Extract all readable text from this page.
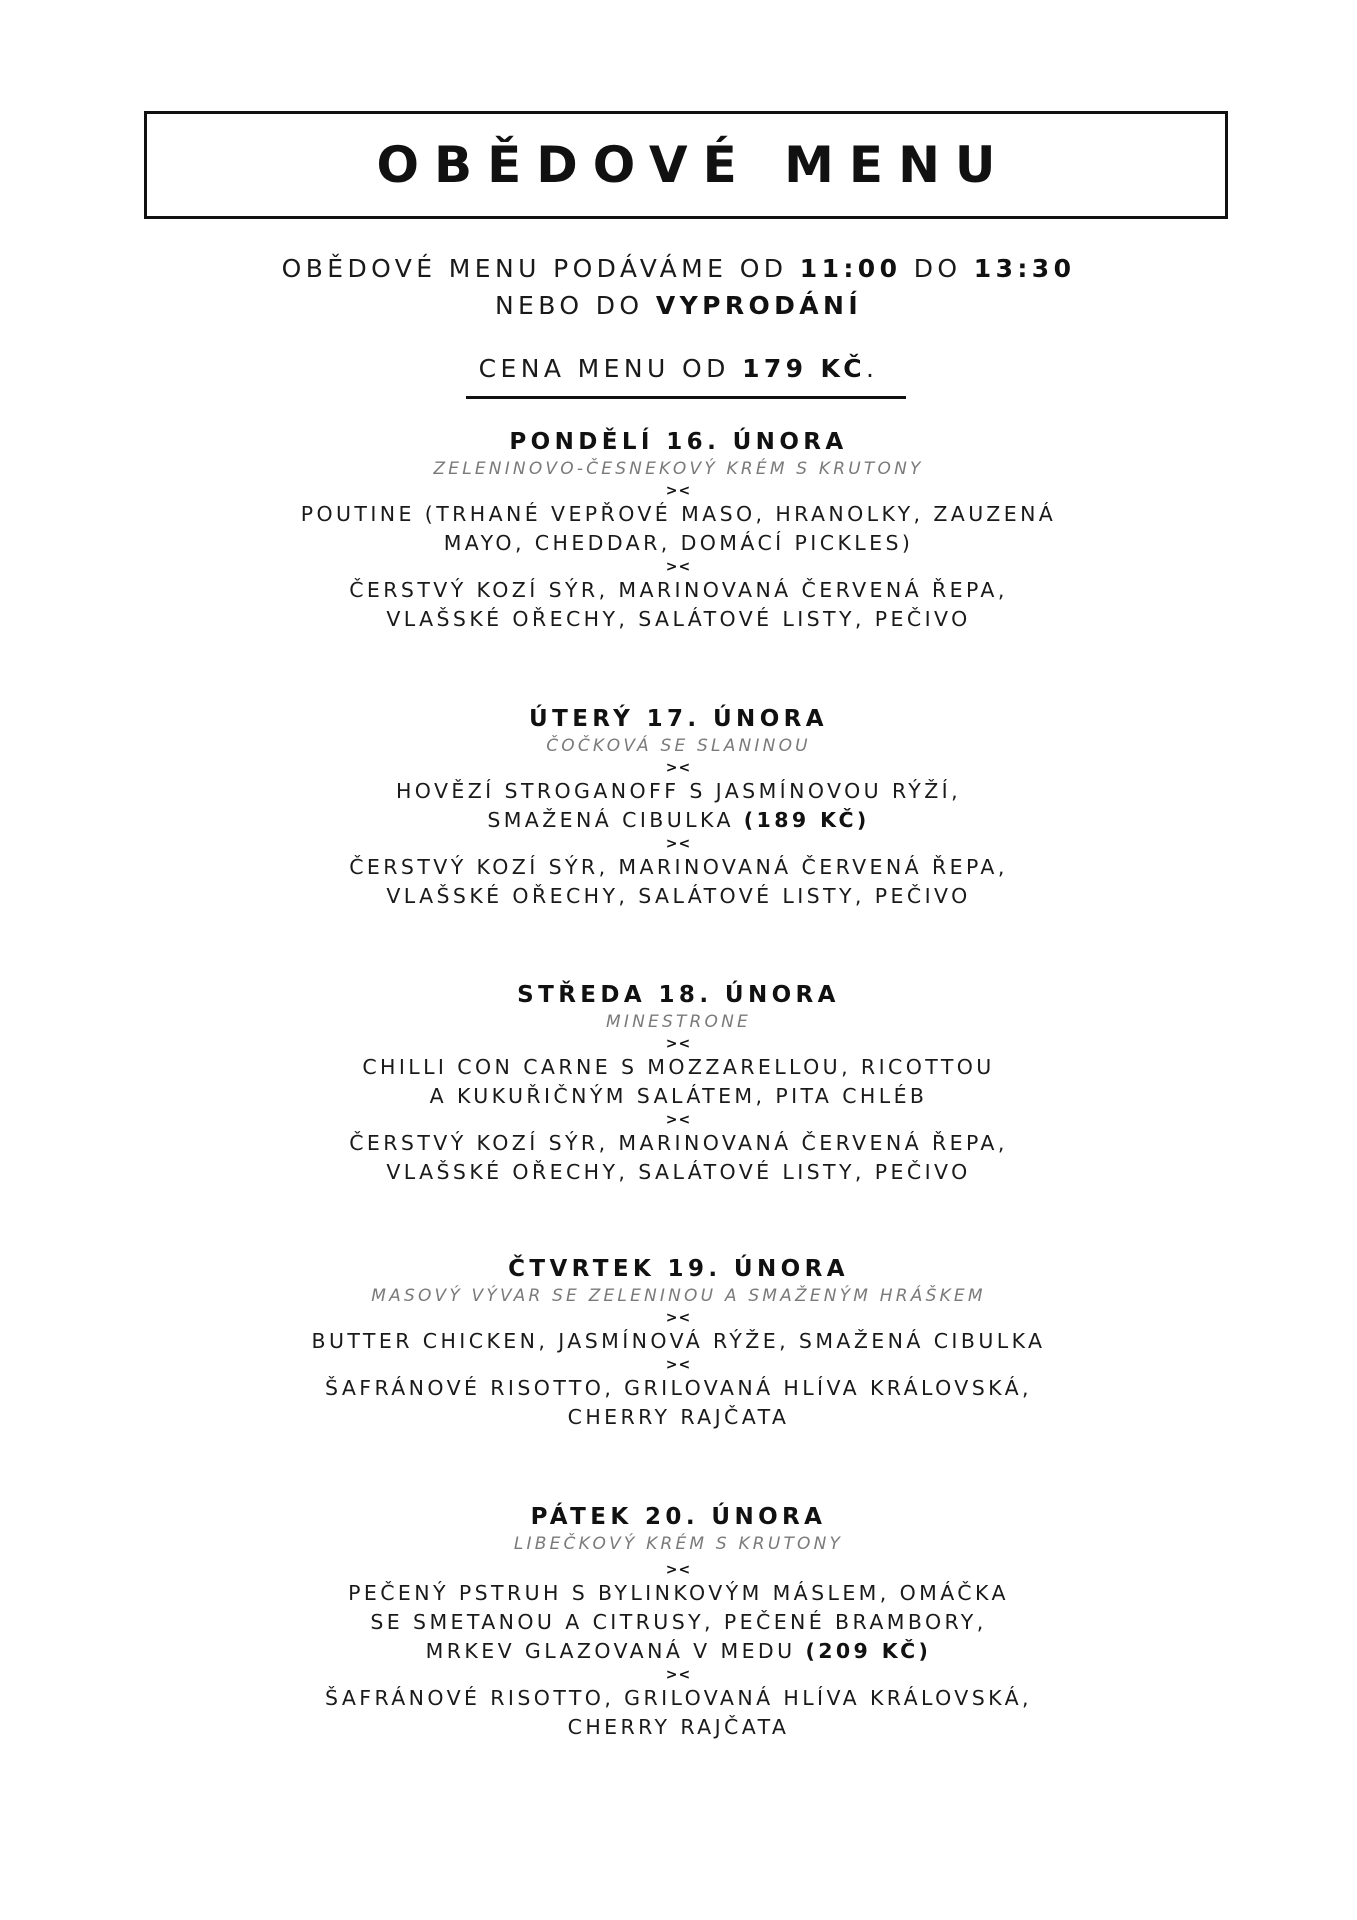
OBĚDOVÉ MENU
OBĚDOVÉ MENU PODÁVÁME OD 11:00 DO 13:30
NEBO DO VYPRODÁNÍ
CENA MENU OD 179 KČ.
PONDĚLÍ 16. ÚNORA
ZELENINOVO-ČESNEKOVÝ KRÉM S KRUTONY
><
POUTINE (TRHANÉ VEPŘOVÉ MASO, HRANOLKY, ZAUZENÁ
MAYO, CHEDDAR, DOMÁCÍ PICKLES)
><
ČERSTVÝ KOZÍ SÝR, MARINOVANÁ ČERVENÁ ŘEPA,
VLAŠSKÉ OŘECHY, SALÁTOVÉ LISTY, PEČIVO
ÚTERÝ 17. ÚNORA
ČOČKOVÁ SE SLANINOU
><
HOVĚZÍ STROGANOFF S JASMÍNOVOU RÝŽÍ,
SMAŽENÁ CIBULKA (189 KČ)
><
ČERSTVÝ KOZÍ SÝR, MARINOVANÁ ČERVENÁ ŘEPA,
VLAŠSKÉ OŘECHY, SALÁTOVÉ LISTY, PEČIVO
STŘEDA 18. ÚNORA
MINESTRONE
><
CHILLI CON CARNE S MOZZARELLOU, RICOTTOU
A KUKUŘIČNÝM SALÁTEM, PITA CHLÉB
><
ČERSTVÝ KOZÍ SÝR, MARINOVANÁ ČERVENÁ ŘEPA,
VLAŠSKÉ OŘECHY, SALÁTOVÉ LISTY, PEČIVO
ČTVRTEK 19. ÚNORA
MASOVÝ VÝVAR SE ZELENINOU A SMAŽENÝM HRÁŠKEM
><
BUTTER CHICKEN, JASMÍNOVÁ RÝŽE, SMAŽENÁ CIBULKA
><
ŠAFRÁNOVÉ RISOTTO, GRILOVANÁ HLÍVA KRÁLOVSKÁ,
CHERRY RAJČATA
PÁTEK 20. ÚNORA
LIBEČKOVÝ KRÉM S KRUTONY
><
PEČENÝ PSTRUH S BYLINKOVÝM MÁSLEM, OMÁČKA
SE SMETANOU A CITRUSY, PEČENÉ BRAMBORY,
MRKEV GLAZOVANÁ V MEDU (209 KČ)
><
ŠAFRÁNOVÉ RISOTTO, GRILOVANÁ HLÍVA KRÁLOVSKÁ,
CHERRY RAJČATA
